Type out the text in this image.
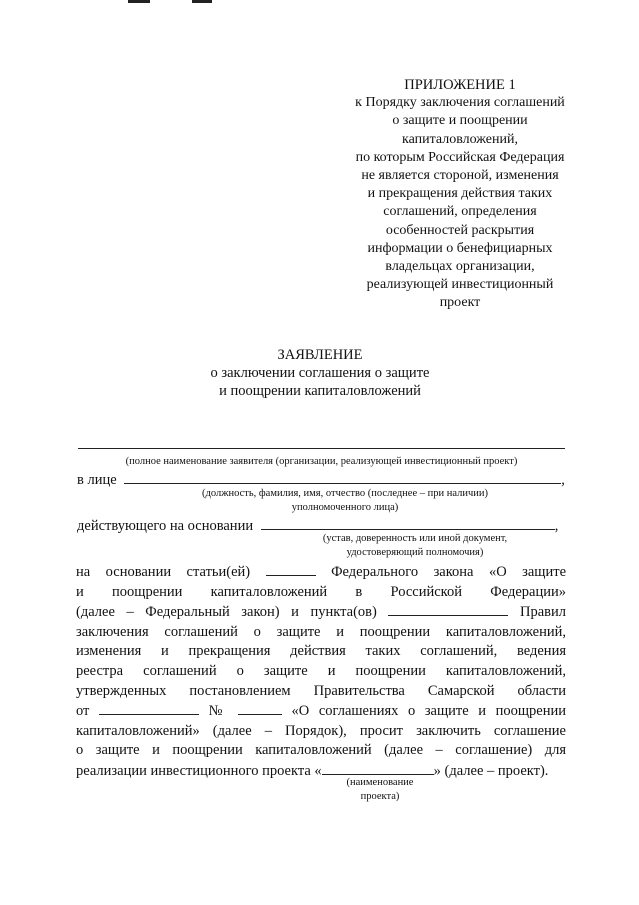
ПРИЛОЖЕНИЕ 1
к Порядку заключения соглашений
о защите и поощрении
капиталовложений,
по которым Российская Федерация
не является стороной, изменения
и прекращения действия таких
соглашений, определения
особенностей раскрытия
информации о бенефициарных
владельцах организации,
реализующей инвестиционный
проект
ЗАЯВЛЕНИЕ
о заключении соглашения о защите
и поощрении капиталовложений
(полное наименование заявителя (организации, реализующей инвестиционный проект)
в лице	,
(должность, фамилия, имя, отчество (последнее – при наличии)
уполномоченного лица)
действующего на основании	,
(устав, доверенность или иной документ,
удостоверяющий полномочия)
на основании статьи(ей)	Федерального закона «О защите
и поощрении капиталовложений в Российской Федерации»
(далее – Федеральный закон) и пункта(ов)	Правил
заключения соглашений о защите и поощрении капиталовложений,
изменения и прекращения действия таких соглашений, ведения
реестра соглашений о защите и поощрении капиталовложений,
утвержденных постановлением Правительства Самарской области
от	№	«О соглашениях о защите и поощрении
капиталовложений» (далее – Порядок), просит заключить соглашение
о защите и поощрении капиталовложений (далее – соглашение) для
реализации инвестиционного проекта «	» (далее – проект).
(наименование
проекта)
